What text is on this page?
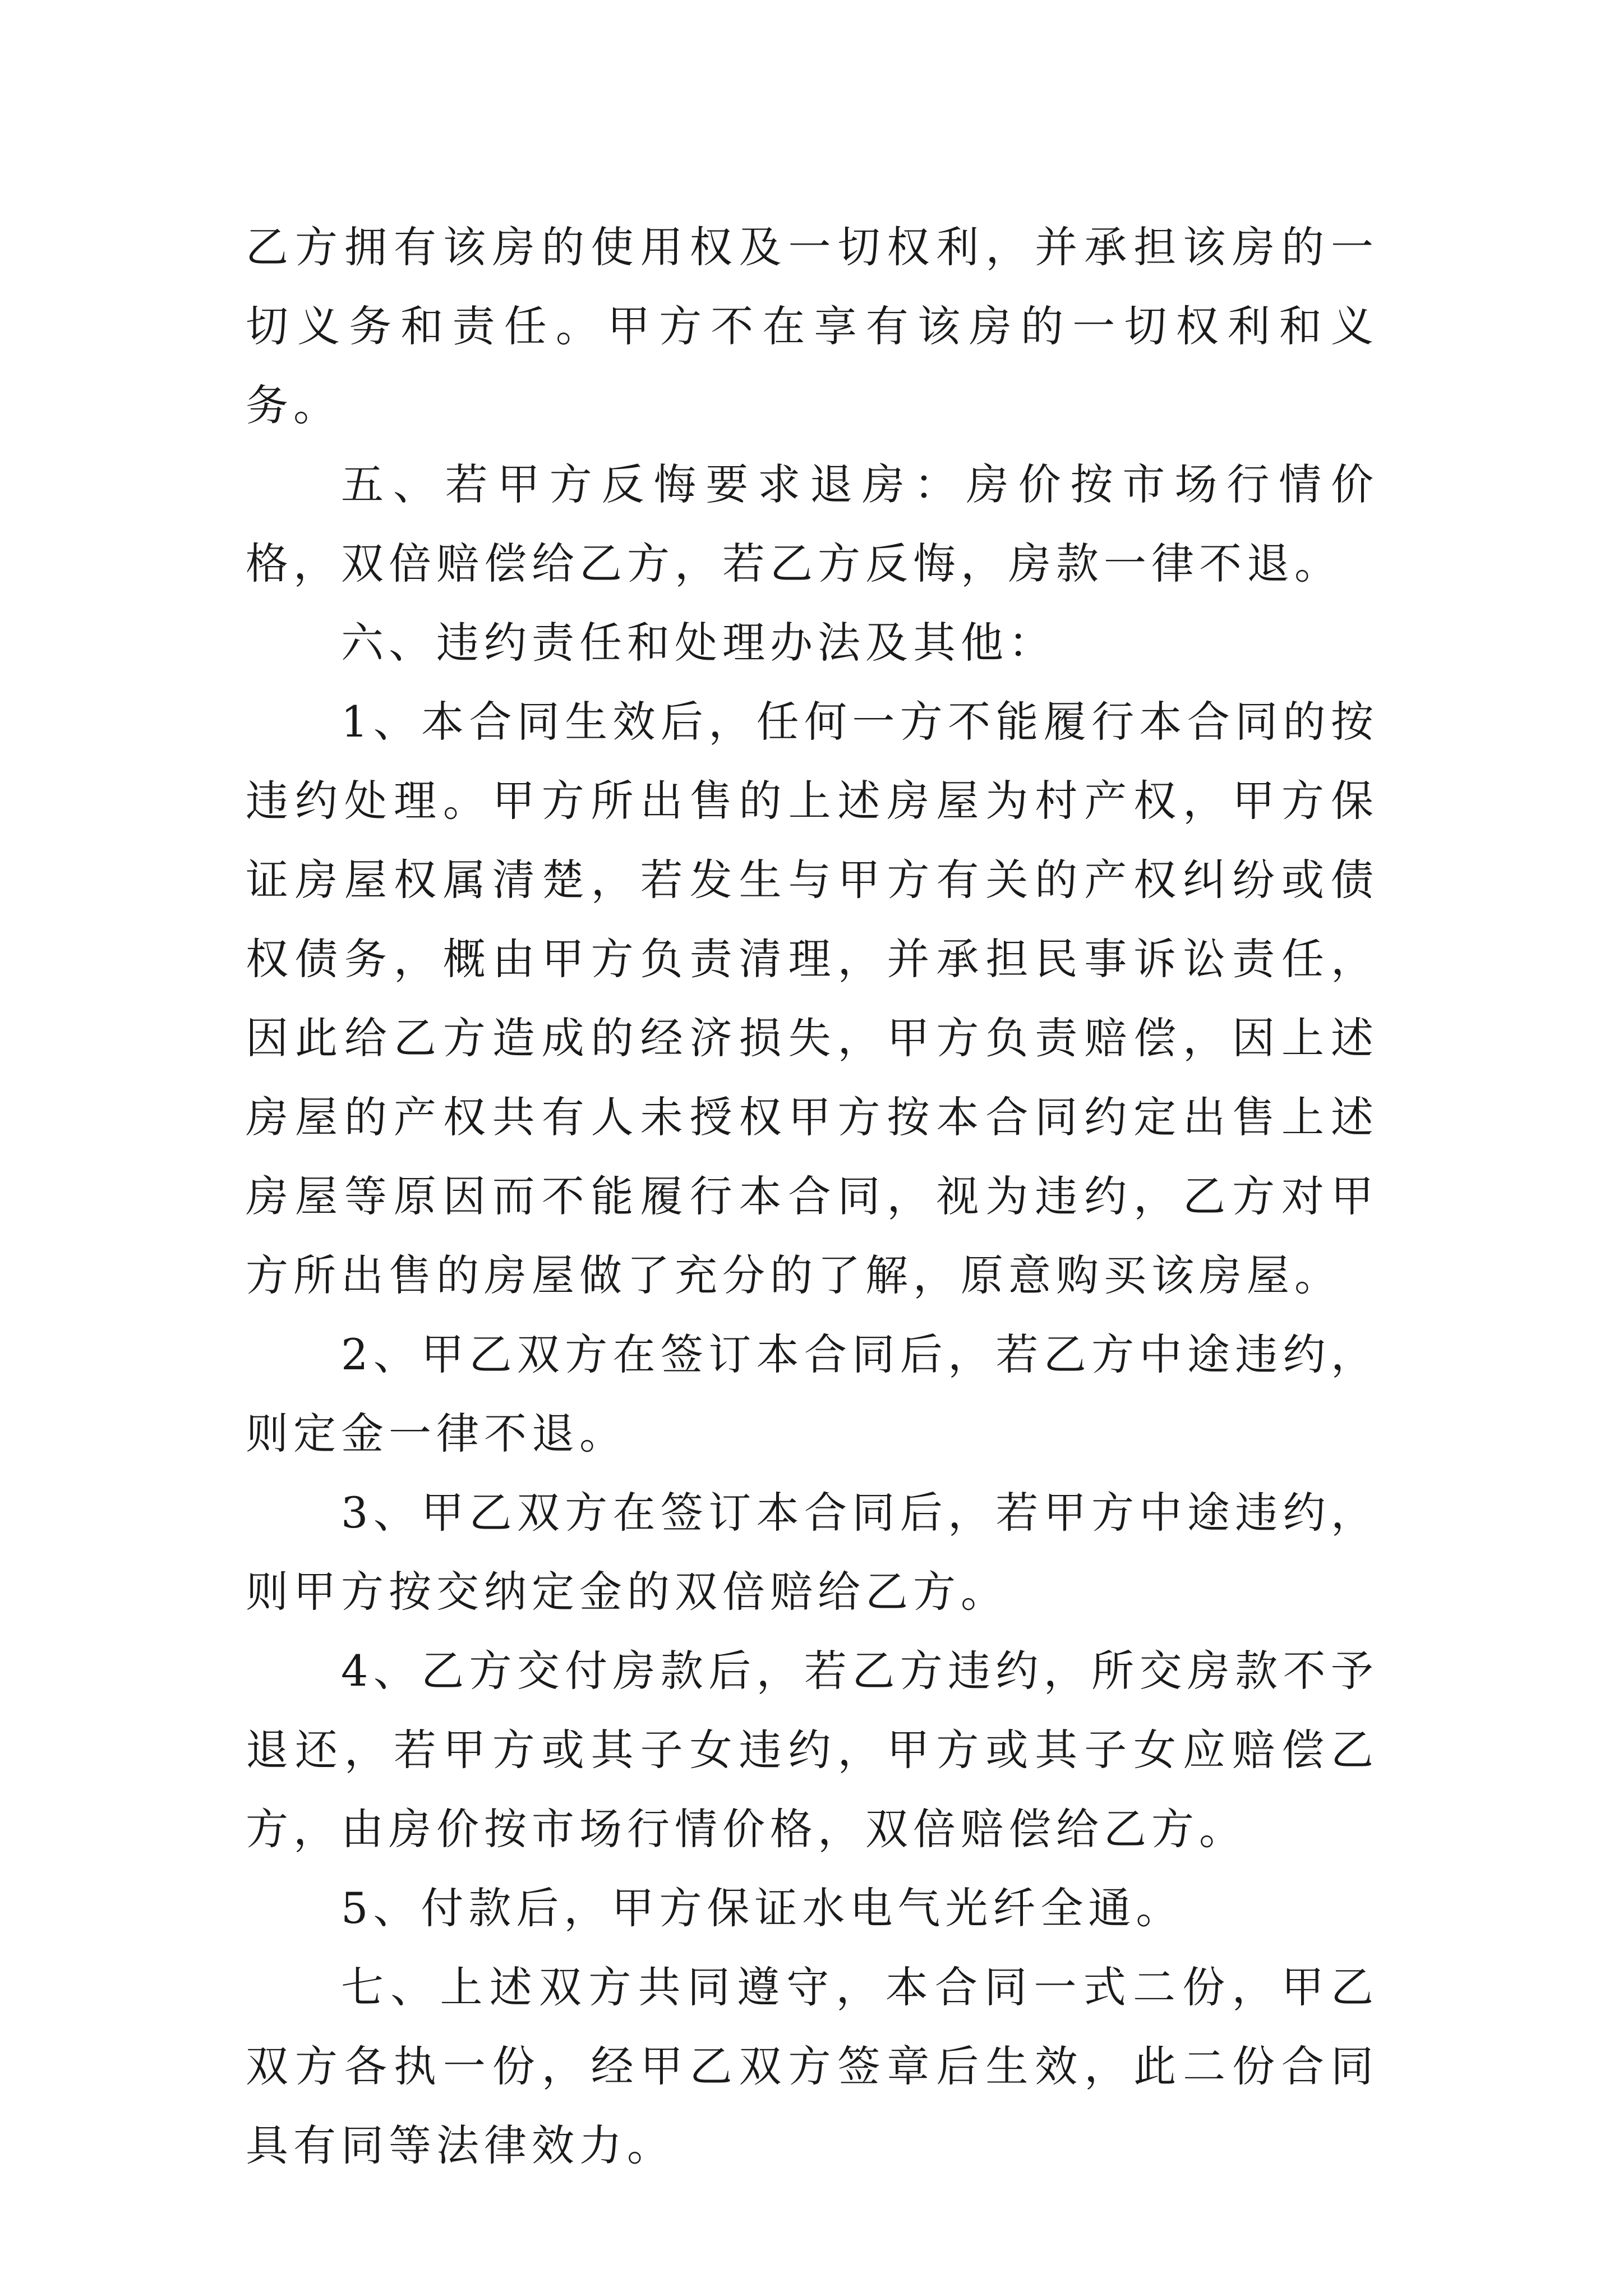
乙方拥有该房的使用权及一切权利，并承担该房的一切义务和责任。甲方不在享有该房的一切权利和义务。

五、若甲方反悔要求退房：房价按市场行情价格，双倍赔偿给乙方，若乙方反悔，房款一律不退。

六、违约责任和处理办法及其他：

1、本合同生效后，任何一方不能履行本合同的按违约处理。甲方所出售的上述房屋为村产权，甲方保证房屋权属清楚，若发生与甲方有关的产权纠纷或债权债务，概由甲方负责清理，并承担民事诉讼责任，因此给乙方造成的经济损失，甲方负责赔偿，因上述房屋的产权共有人未授权甲方按本合同约定出售上述房屋等原因而不能履行本合同，视为违约，乙方对甲方所出售的房屋做了充分的了解，原意购买该房屋。

2、甲乙双方在签订本合同后，若乙方中途违约，则定金一律不退。

3、甲乙双方在签订本合同后，若甲方中途违约，则甲方按交纳定金的双倍赔给乙方。

4、乙方交付房款后，若乙方违约，所交房款不予退还，若甲方或其子女违约，甲方或其子女应赔偿乙方，由房价按市场行情价格，双倍赔偿给乙方。

5、付款后，甲方保证水电气光纤全通。

七、上述双方共同遵守，本合同一式二份，甲乙双方各执一份，经甲乙双方签章后生效，此二份合同具有同等法律效力。
